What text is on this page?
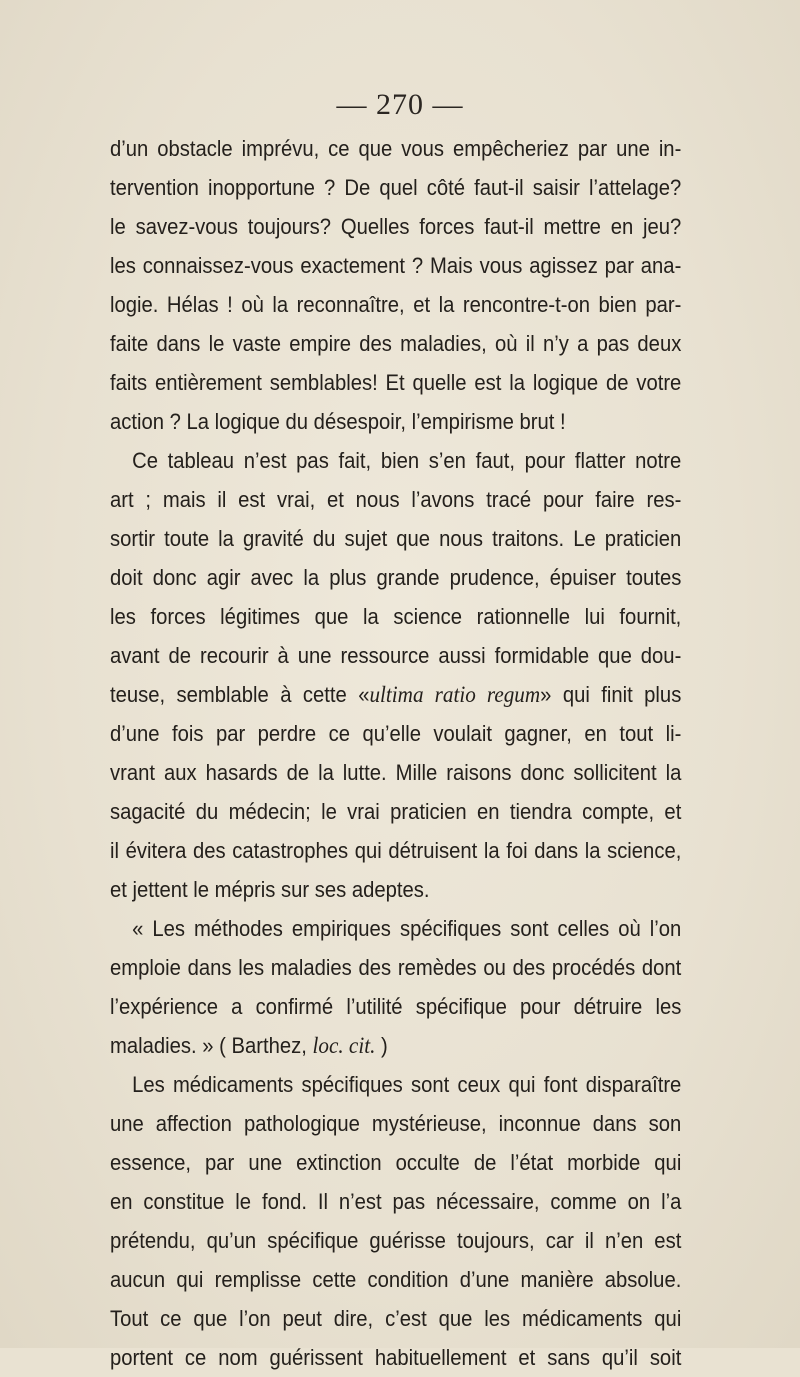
— 270 —
d’un obstacle imprévu, ce que vous empêcheriez par une in-
tervention inopportune ? De quel côté faut-il saisir l’attelage?
le savez-vous toujours? Quelles forces faut-il mettre en jeu?
les connaissez-vous exactement ? Mais vous agissez par ana-
logie. Hélas ! où la reconnaître, et la rencontre-t-on bien par-
faite dans le vaste empire des maladies, où il n’y a pas deux
faits entièrement semblables! Et quelle est la logique de votre
action ? La logique du désespoir, l’empirisme brut !
Ce tableau n’est pas fait, bien s’en faut, pour flatter notre
art ; mais il est vrai, et nous l’avons tracé pour faire res-
sortir toute la gravité du sujet que nous traitons. Le praticien
doit donc agir avec la plus grande prudence, épuiser toutes
les forces légitimes que la science rationnelle lui fournit,
avant de recourir à une ressource aussi formidable que dou-
teuse, semblable à cette «ultima ratio regum» qui finit plus
d’une fois par perdre ce qu’elle voulait gagner, en tout li-
vrant aux hasards de la lutte. Mille raisons donc sollicitent la
sagacité du médecin; le vrai praticien en tiendra compte, et
il évitera des catastrophes qui détruisent la foi dans la science,
et jettent le mépris sur ses adeptes.
« Les méthodes empiriques spécifiques sont celles où l’on
emploie dans les maladies des remèdes ou des procédés dont
l’expérience a confirmé l’utilité spécifique pour détruire les
maladies. » ( Barthez, loc. cit. )
Les médicaments spécifiques sont ceux qui font disparaître
une affection pathologique mystérieuse, inconnue dans son
essence, par une extinction occulte de l’état morbide qui
en constitue le fond. Il n’est pas nécessaire, comme on l’a
prétendu, qu’un spécifique guérisse toujours, car il n’en est
aucun qui remplisse cette condition d’une manière absolue.
Tout ce que l’on peut dire, c’est que les médicaments qui
portent ce nom guérissent habituellement et sans qu’il soit
